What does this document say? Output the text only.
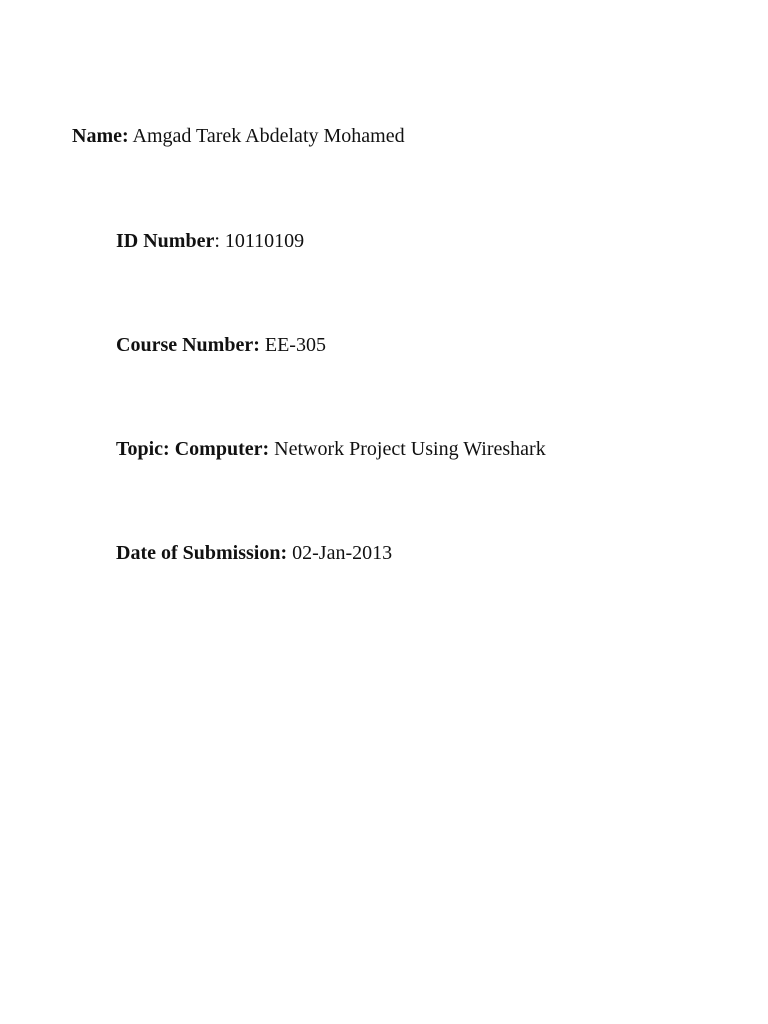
Name: Amgad Tarek Abdelaty Mohamed
ID Number: 10110109
Course Number: EE-305
Topic: Computer: Network Project Using Wireshark
Date of Submission: 02-Jan-2013
